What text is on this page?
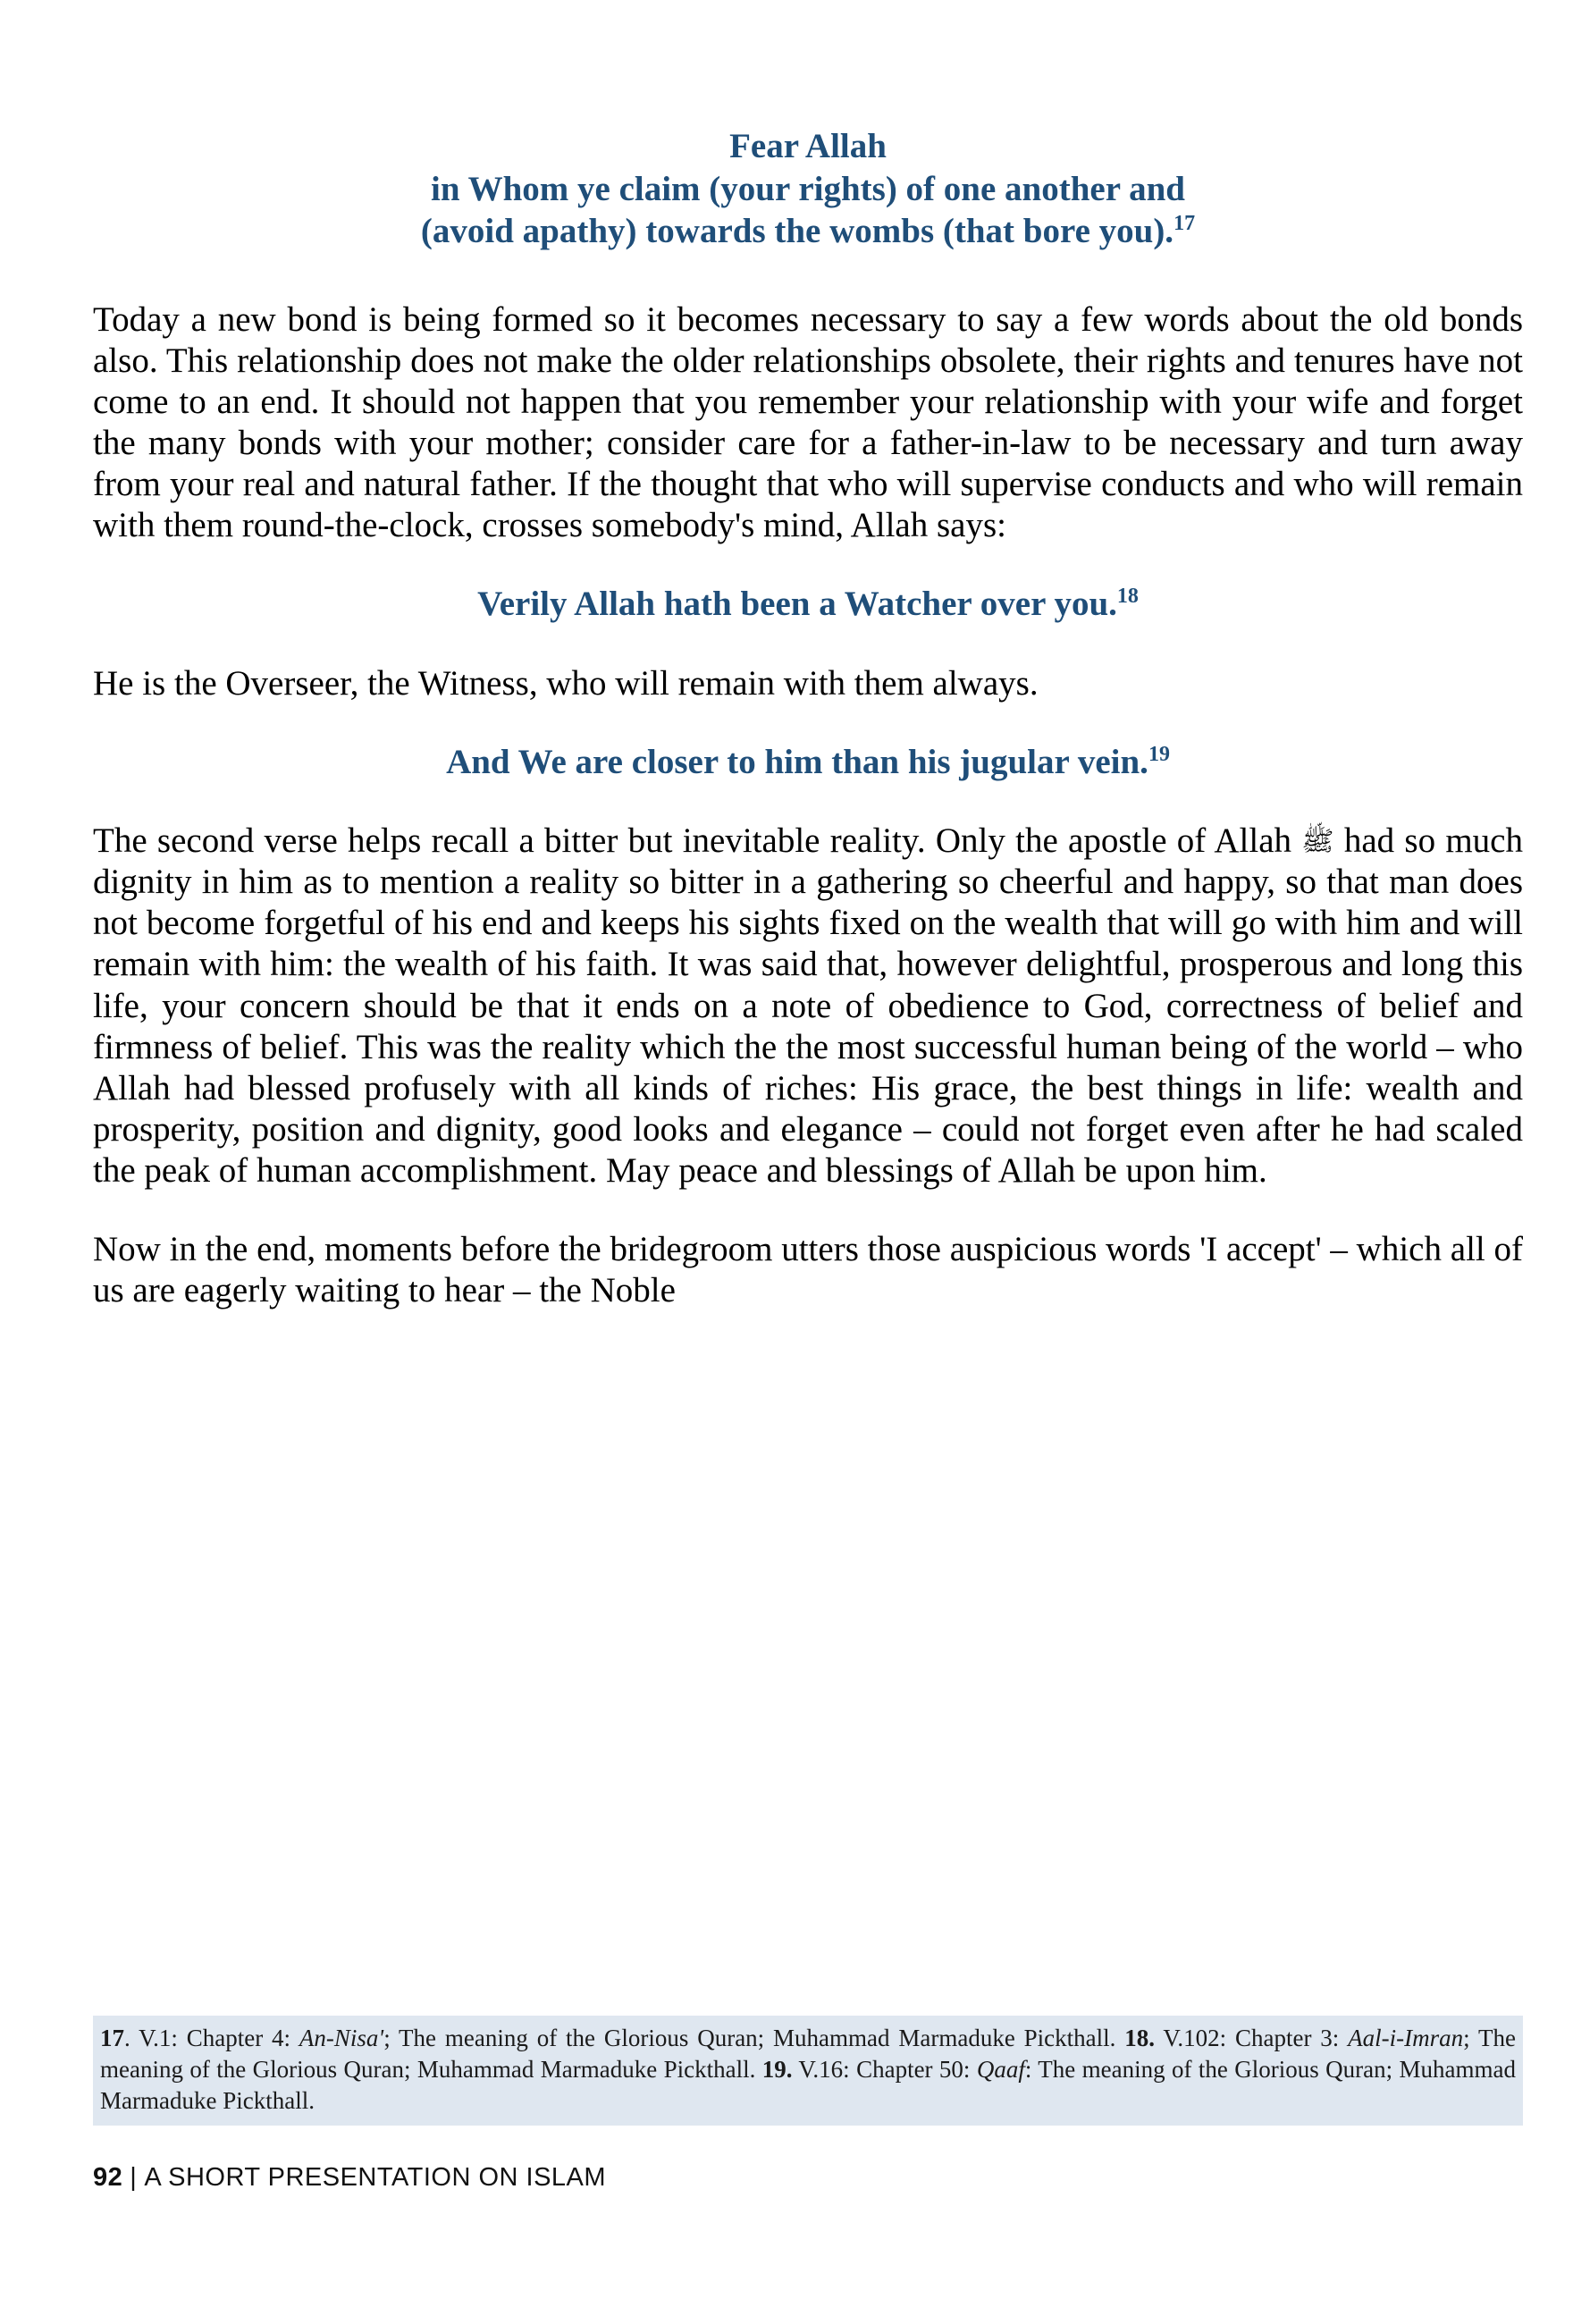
Fear Allah
in Whom ye claim (your rights) of one another and
(avoid apathy) towards the wombs (that bore you).$^{17}$

Today a new bond is being formed so it becomes necessary to say a few words about the old bonds also. This relationship does not make the older relationships obsolete, their rights and tenures have not come to an end. It should not happen that you remember your relationship with your wife and forget the many bonds with your mother; consider care for a father-in-law to be necessary and turn away from your real and natural father. If the thought that who will supervise conducts and who will remain with them round-the-clock, crosses somebody's mind, Allah says:

Verily Allah hath been a Watcher over you.$^{18}$

He is the Overseer, the Witness, who will remain with them always.

And We are closer to him than his jugular vein.$^{19}$

The second verse helps recall a bitter but inevitable reality. Only the apostle of Allah ﷺ had so much dignity in him as to mention a reality so bitter in a gathering so cheerful and happy, so that man does not become forgetful of his end and keeps his sights fixed on the wealth that will go with him and will remain with him: the wealth of his faith. It was said that, however delightful, prosperous and long this life, your concern should be that it ends on a note of obedience to God, correctness of belief and firmness of belief. This was the reality which the the most successful human being of the world – who Allah had blessed profusely with all kinds of riches: His grace, the best things in life: wealth and prosperity, position and dignity, good looks and elegance – could not forget even after he had scaled the peak of human accomplishment. May peace and blessings of Allah be upon him.

Now in the end, moments before the bridegroom utters those auspicious words 'I accept' – which all of us are eagerly waiting to hear – the Noble

17. V.1: Chapter 4: An-Nisa'; The meaning of the Glorious Quran; Muhammad Marmaduke Pickthall. 18. V.102: Chapter 3: Aal-i-Imran; The meaning of the Glorious Quran; Muhammad Marmaduke Pickthall. 19. V.16: Chapter 50: Qaaf: The meaning of the Glorious Quran; Muhammad Marmaduke Pickthall.

92 | A SHORT PRESENTATION ON ISLAM
